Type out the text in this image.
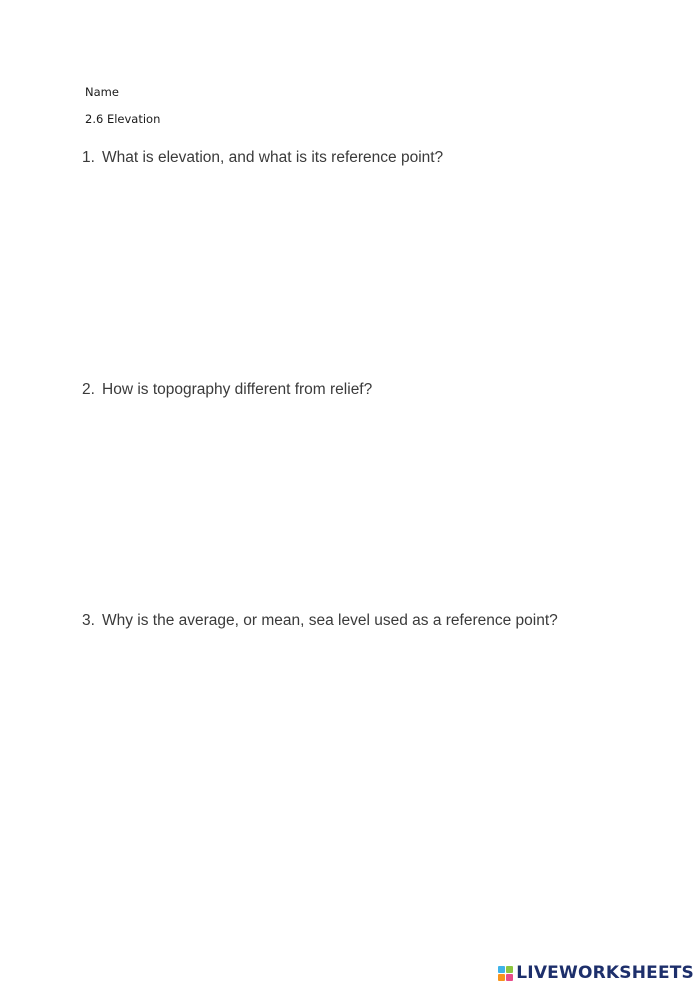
Name
2.6 Elevation
1. What is elevation, and what is its reference point?
2. How is topography different from relief?
3. Why is the average, or mean, sea level used as a reference point?
LIVEWORKSHEETS
